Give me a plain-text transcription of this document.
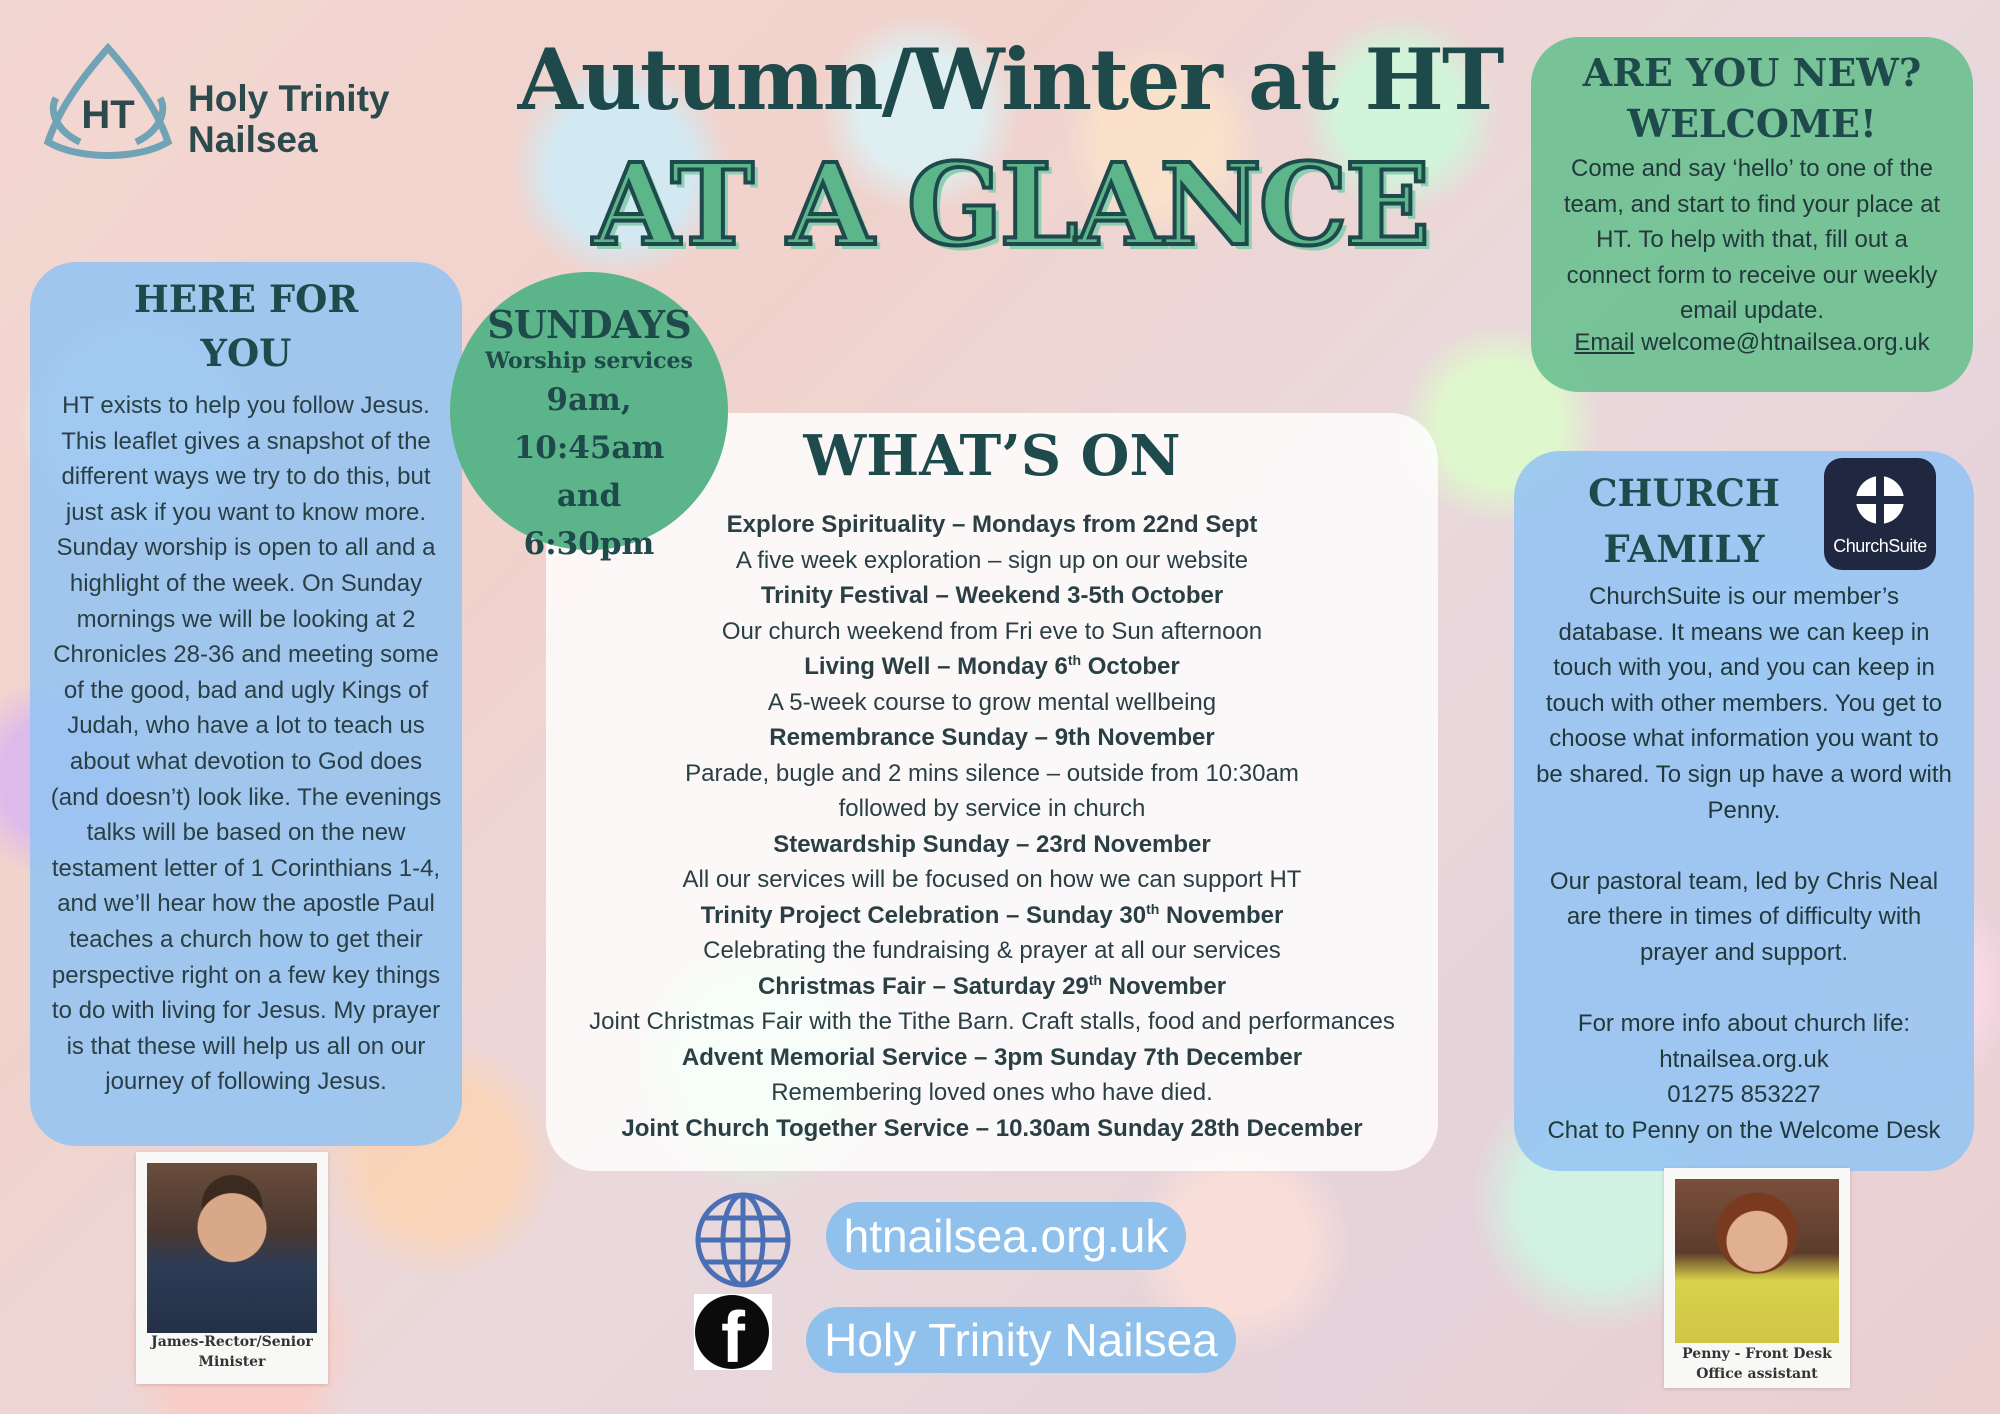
HT Holy Trinity
Nailsea
Autumn/Winter at HT
AT A GLANCE
HERE FOR
YOU
HT exists to help you follow Jesus.
This leaflet gives a snapshot of the
different ways we try to do this, but
just ask if you want to know more.
Sunday worship is open to all and a
highlight of the week. On Sunday
mornings we will be looking at 2
Chronicles 28-36 and meeting some
of the good, bad and ugly Kings of
Judah, who have a lot to teach us
about what devotion to God does
(and doesn’t) look like. The evenings
talks will be based on the new
testament letter of 1 Corinthians 1-4,
and we’ll hear how the apostle Paul
teaches a church how to get their
perspective right on a few key things
to do with living for Jesus. My prayer
is that these will help us all on our
journey of following Jesus.
WHAT’S ON
Explore Spirituality – Mondays from 22nd Sept
A five week exploration – sign up on our website
Trinity Festival – Weekend 3-5th October
Our church weekend from Fri eve to Sun afternoon
Living Well – Monday 6th October
A 5-week course to grow mental wellbeing
Remembrance Sunday – 9th November
Parade, bugle and 2 mins silence – outside from 10:30am
followed by service in church
Stewardship Sunday – 23rd November
All our services will be focused on how we can support HT
Trinity Project Celebration – Sunday 30th November
Celebrating the fundraising & prayer at all our services
Christmas Fair – Saturday 29th November
Joint Christmas Fair with the Tithe Barn. Craft stalls, food and performances
Advent Memorial Service – 3pm Sunday 7th December
Remembering loved ones who have died.
Joint Church Together Service – 10.30am Sunday 28th December
SUNDAYS
Worship services
9am,
10:45am
and 6:30pm
ARE YOU NEW?
WELCOME!
Come and say ‘hello’ to one of the
team, and start to find your place at
HT. To help with that, fill out a
connect form to receive our weekly
email update.
Email welcome@htnailsea.org.uk
CHURCH
FAMILY	ChurchSuite
ChurchSuite is our member’s
database. It means we can keep in
touch with you, and you can keep in
touch with other members. You get to
choose what information you want to
be shared. To sign up have a word with
Penny.
Our pastoral team, led by Chris Neal
are there in times of difficulty with
prayer and support.
For more info about church life:
htnailsea.org.uk
01275 853227
Chat to Penny on the Welcome Desk
James-Rector/Senior
Minister	Penny - Front Desk
Office assistant
htnailsea.org.uk
f	Holy Trinity Nailsea
